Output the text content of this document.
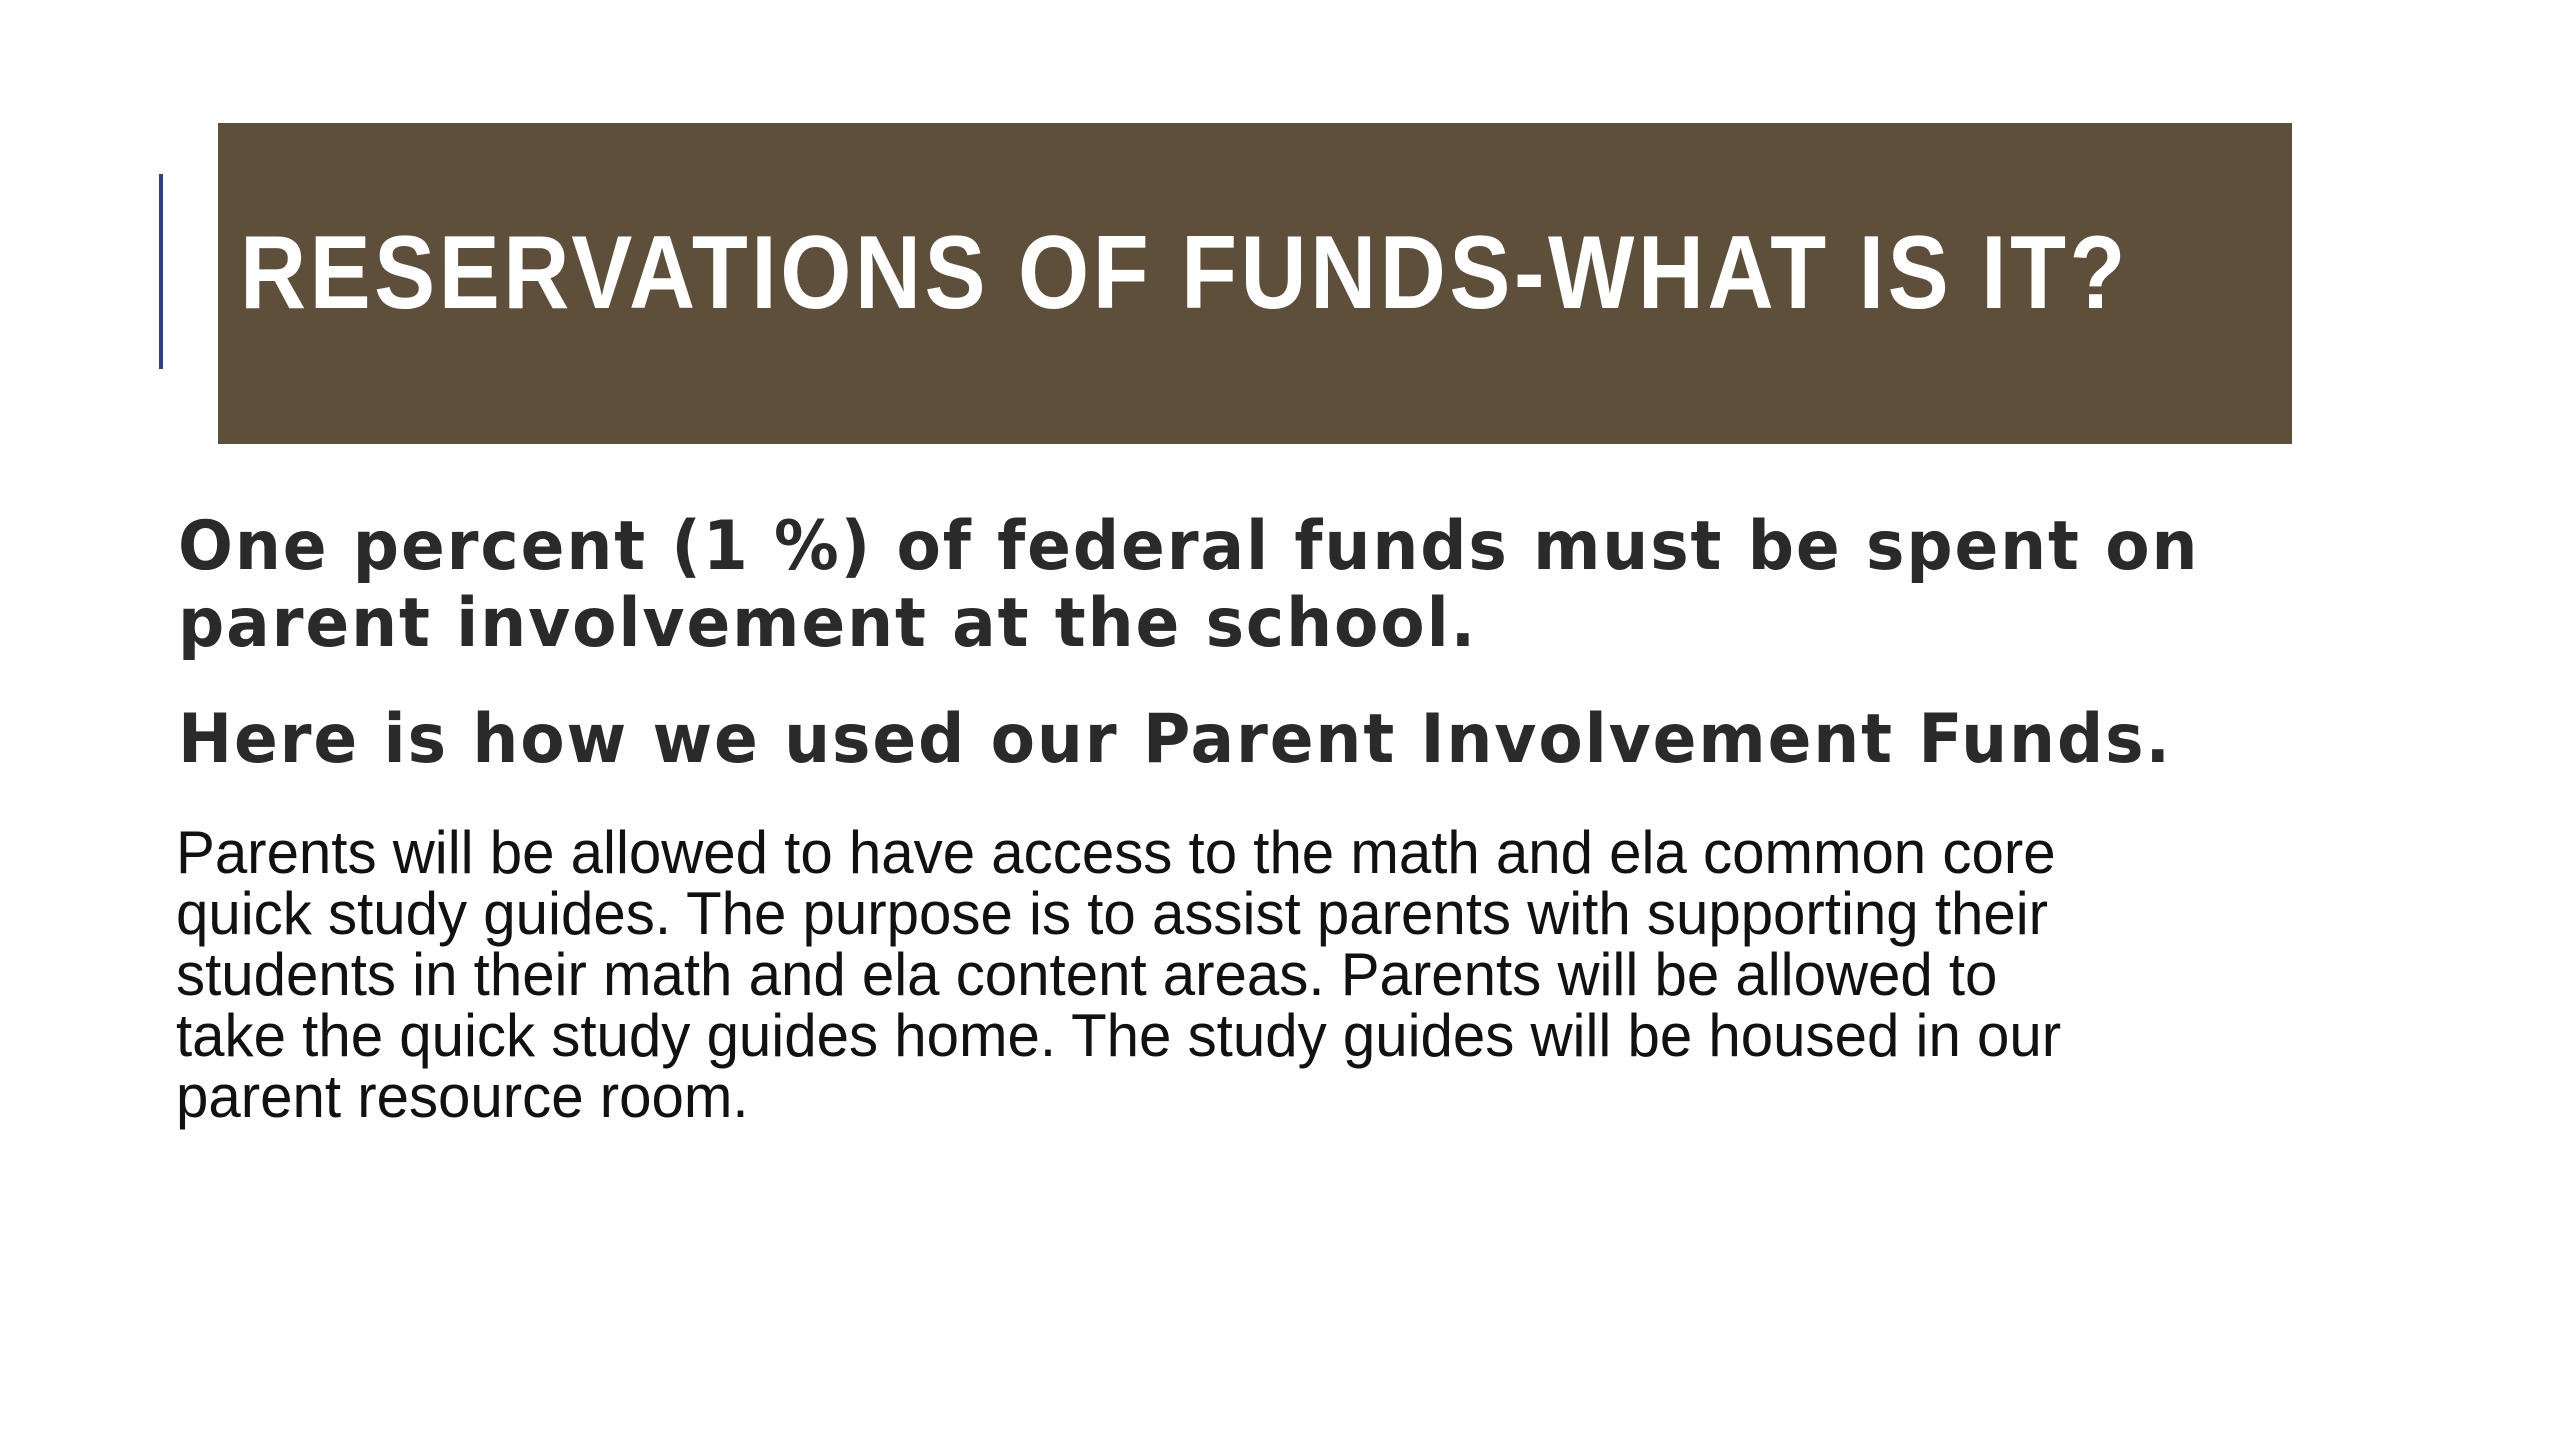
RESERVATIONS OF FUNDS-WHAT IS IT?

One percent (1 %) of federal funds must be spent on
parent involvement at the school.

Here is how we used our Parent Involvement Funds.

Parents will be allowed to have access to the math and ela common core
quick study guides. The purpose is to assist parents with supporting their
students in their math and ela content areas. Parents will be allowed to
take the quick study guides home. The study guides will be housed in our
parent resource room.
